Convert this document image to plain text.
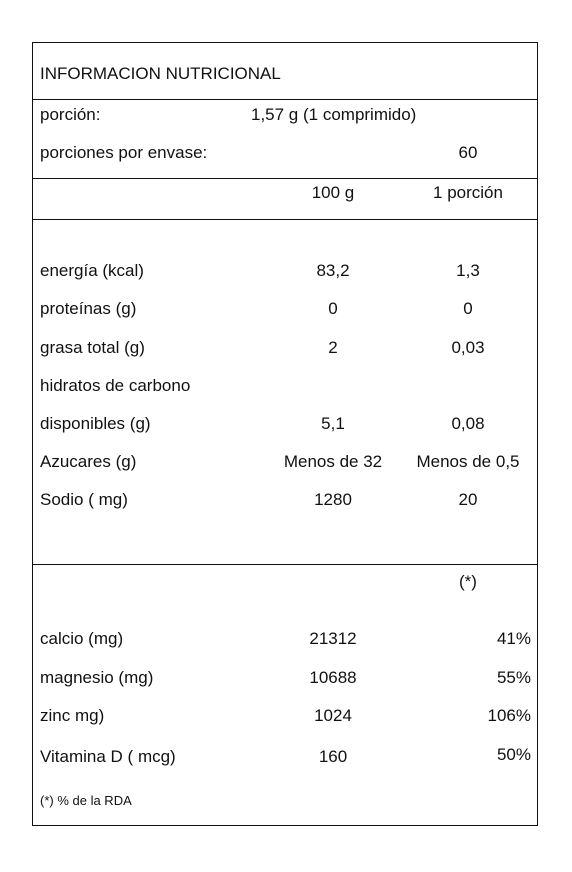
INFORMACION NUTRICIONAL
porción:	1,57 g (1 comprimido)
porciones por envase:	60
100 g	1 porción
energía (kcal)	83,2	1,3
proteínas (g)	0	0
grasa total (g)	2	0,03
hidratos de carbono
disponibles (g)	5,1	0,08
Azucares (g)	Menos de 32	Menos de 0,5
Sodio ( mg)	1280	20
(*)
calcio (mg)	21312	41%
magnesio (mg)	10688	55%
zinc mg)	1024	106%
Vitamina D ( mcg)	160	50%
(*) % de la RDA
